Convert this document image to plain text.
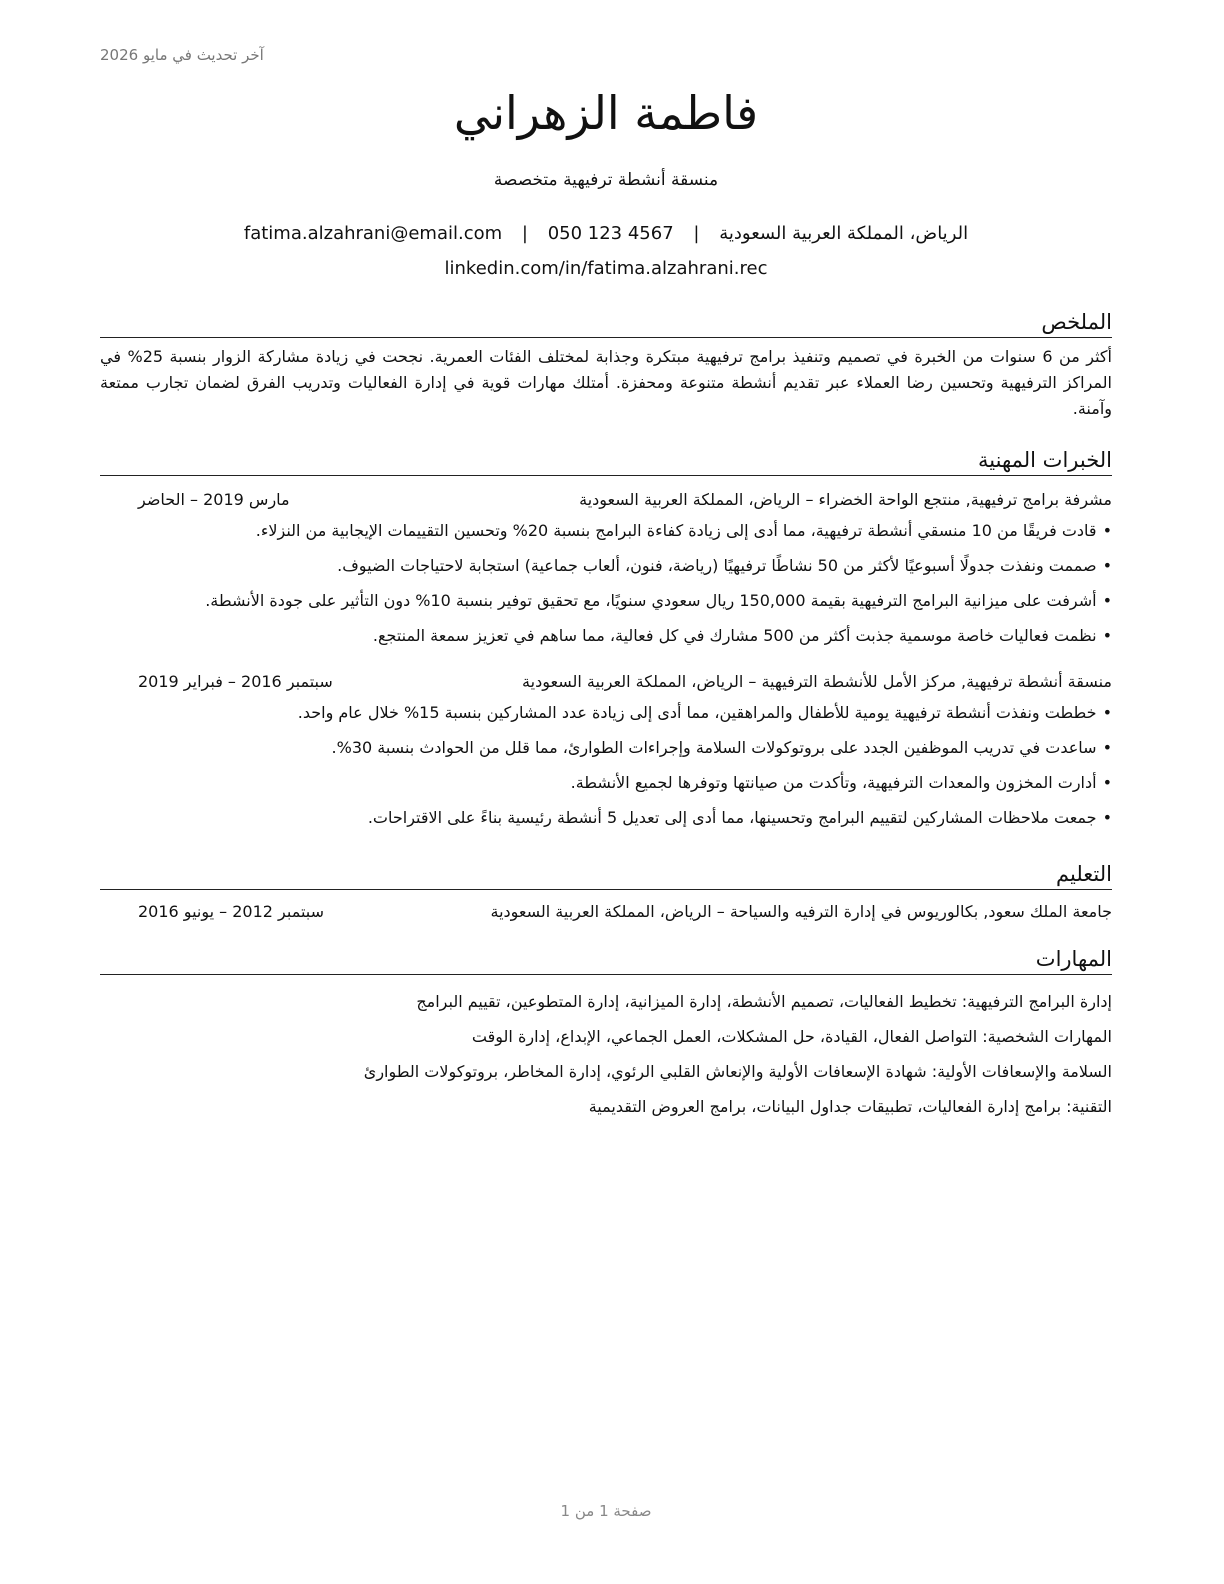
آخر تحديث في مايو 2026
فاطمة الزهراني
منسقة أنشطة ترفيهية متخصصة
الرياض، المملكة العربية السعودية | fatima.alzahrani@email.com | 050 123 4567
linkedin.com/in/fatima.alzahrani.rec
الملخص
أكثر من 6 سنوات من الخبرة في تصميم وتنفيذ برامج ترفيهية مبتكرة وجذابة لمختلف الفئات العمرية. نجحت في زيادة مشاركة الزوار بنسبة 25% في المراكز الترفيهية وتحسين رضا العملاء عبر تقديم أنشطة متنوعة ومحفزة. أمتلك مهارات قوية في إدارة الفعاليات وتدريب الفرق لضمان تجارب ممتعة وآمنة.
الخبرات المهنية
مشرفة برامج ترفيهية, منتجع الواحة الخضراء – الرياض، المملكة العربية السعودية
مارس 2019 – الحاضر
• قادت فريقًا من 10 منسقي أنشطة ترفيهية، مما أدى إلى زيادة كفاءة البرامج بنسبة 20% وتحسين التقييمات الإيجابية من النزلاء.
• صممت ونفذت جدولًا أسبوعيًا لأكثر من 50 نشاطًا ترفيهيًا (رياضة، فنون، ألعاب جماعية) استجابة لاحتياجات الضيوف.
• أشرفت على ميزانية البرامج الترفيهية بقيمة 150,000 ريال سعودي سنويًا، مع تحقيق توفير بنسبة 10% دون التأثير على جودة الأنشطة.
• نظمت فعاليات خاصة موسمية جذبت أكثر من 500 مشارك في كل فعالية، مما ساهم في تعزيز سمعة المنتجع.
منسقة أنشطة ترفيهية, مركز الأمل للأنشطة الترفيهية – الرياض، المملكة العربية السعودية
سبتمبر 2016 – فبراير 2019
• خططت ونفذت أنشطة ترفيهية يومية للأطفال والمراهقين، مما أدى إلى زيادة عدد المشاركين بنسبة 15% خلال عام واحد.
• ساعدت في تدريب الموظفين الجدد على بروتوكولات السلامة وإجراءات الطوارئ، مما قلل من الحوادث بنسبة 30%.
• أدارت المخزون والمعدات الترفيهية، وتأكدت من صيانتها وتوفرها لجميع الأنشطة.
• جمعت ملاحظات المشاركين لتقييم البرامج وتحسينها، مما أدى إلى تعديل 5 أنشطة رئيسية بناءً على الاقتراحات.
التعليم
جامعة الملك سعود, بكالوريوس في إدارة الترفيه والسياحة – الرياض، المملكة العربية السعودية
سبتمبر 2012 – يونيو 2016
المهارات
إدارة البرامج الترفيهية: تخطيط الفعاليات، تصميم الأنشطة، إدارة الميزانية، إدارة المتطوعين، تقييم البرامج
المهارات الشخصية: التواصل الفعال، القيادة، حل المشكلات، العمل الجماعي، الإبداع، إدارة الوقت
السلامة والإسعافات الأولية: شهادة الإسعافات الأولية والإنعاش القلبي الرئوي، إدارة المخاطر، بروتوكولات الطوارئ
التقنية: برامج إدارة الفعاليات، تطبيقات جداول البيانات، برامج العروض التقديمية
صفحة 1 من 1
